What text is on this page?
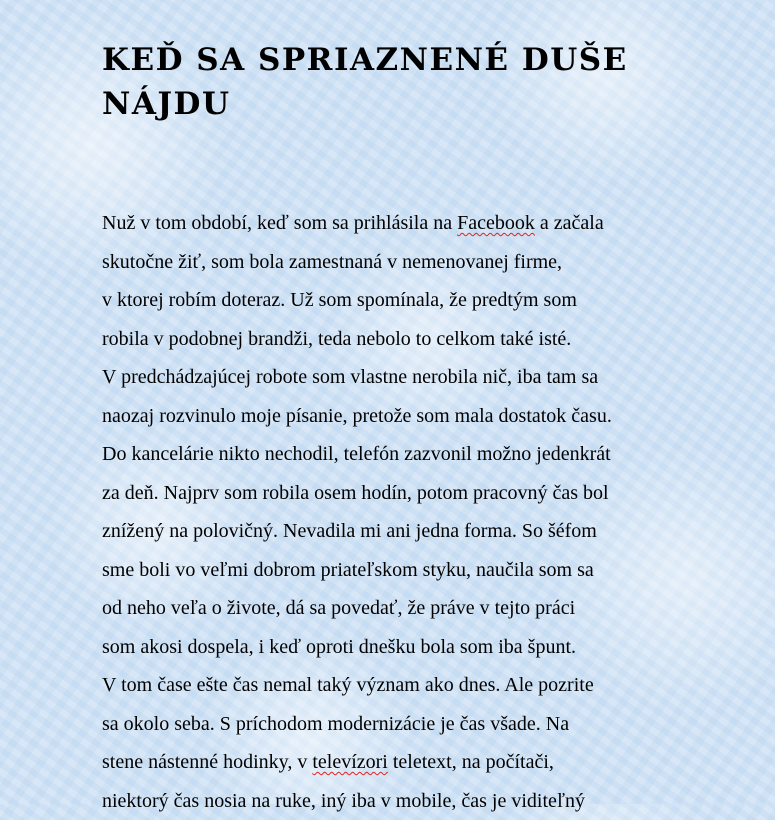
KEĎ SA SPRIAZNENÉ DUŠE
NÁJDU
Nuž v tom období, keď som sa prihlásila na Facebook a začala
skutočne žiť, som bola zamestnaná v nemenovanej firme,
v ktorej robím doteraz. Už som spomínala, že predtým som
robila v podobnej brandži, teda nebolo to celkom také isté.
V predchádzajúcej robote som vlastne nerobila nič, iba tam sa
naozaj rozvinulo moje písanie, pretože som mala dostatok času.
Do kancelárie nikto nechodil, telefón zazvonil možno jedenkrát
za deň. Najprv som robila osem hodín, potom pracovný čas bol
znížený na polovičný. Nevadila mi ani jedna forma. So šéfom
sme boli vo veľmi dobrom priateľskom styku, naučila som sa
od neho veľa o živote, dá sa povedať, že práve v tejto práci
som akosi dospela, i keď oproti dnešku bola som iba špunt.
V tom čase ešte čas nemal taký význam ako dnes. Ale pozrite
sa okolo seba. S príchodom modernizácie je čas všade. Na
stene nástenné hodinky, v televízori teletext, na počítači,
niektorý čas nosia na ruke, iný iba v mobile, čas je viditeľný
